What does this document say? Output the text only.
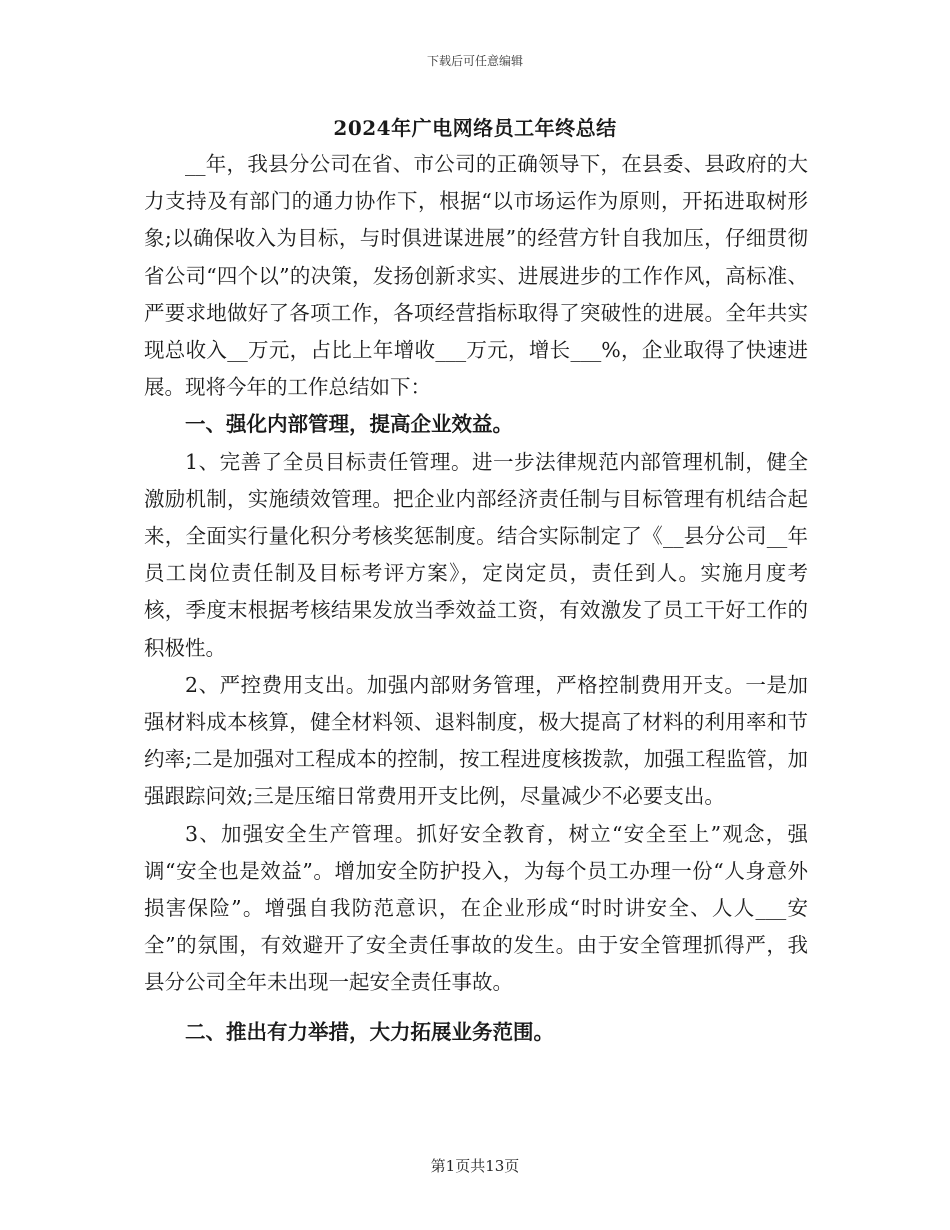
下载后可任意编辑
2024年广电网络员工年终总结

__年，我县分公司在省、市公司的正确领导下，在县委、县政府的大力支持及有部门的通力协作下，根据“以市场运作为原则，开拓进取树形象;以确保收入为目标，与时俱进谋进展”的经营方针自我加压，仔细贯彻省公司“四个以”的决策，发扬创新求实、进展进步的工作作风，高标准、严要求地做好了各项工作，各项经营指标取得了突破性的进展。全年共实现总收入__万元，占比上年增收___万元，增长___%，企业取得了快速进展。现将今年的工作总结如下：

一、强化内部管理，提高企业效益。

1、完善了全员目标责任管理。进一步法律规范内部管理机制，健全激励机制，实施绩效管理。把企业内部经济责任制与目标管理有机结合起来，全面实行量化积分考核奖惩制度。结合实际制定了《__县分公司__年员工岗位责任制及目标考评方案》，定岗定员，责任到人。实施月度考核，季度末根据考核结果发放当季效益工资，有效激发了员工干好工作的积极性。

2、严控费用支出。加强内部财务管理，严格控制费用开支。一是加强材料成本核算，健全材料领、退料制度，极大提高了材料的利用率和节约率;二是加强对工程成本的控制，按工程进度核拨款，加强工程监管，加强跟踪问效;三是压缩日常费用开支比例，尽量减少不必要支出。

3、加强安全生产管理。抓好安全教育，树立“安全至上”观念，强调“安全也是效益”。增加安全防护投入，为每个员工办理一份“人身意外损害保险”。增强自我防范意识，在企业形成“时时讲安全、人人___安全”的氛围，有效避开了安全责任事故的发生。由于安全管理抓得严，我县分公司全年未出现一起安全责任事故。

二、推出有力举措，大力拓展业务范围。

第1页共13页
